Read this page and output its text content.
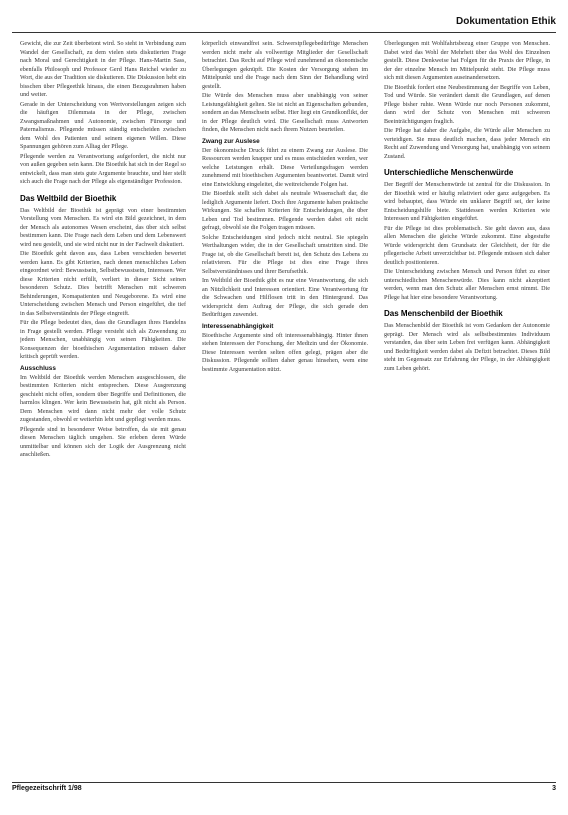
Dokumentation Ethik

Gewicht, die zur Zeit überbetont wird. So steht in Verbindung zum Wandel der Gesellschaft, zu dem vielen stets diskutierten Frage nach Moral und Gerechtigkeit in der Pflege. Hans-Martin Sass, ebenfalls Philosoph und Professor Gerd Hans Reichel wieder zu Wort, die aus der Tradition sie diskutieren. Die Diskussion hebt ein bisschen über Pflegeethik hinaus, die einen Bezugsrahmen haben und weiter.

Gerade in der Unterscheidung von Wertvorstellungen zeigen sich die häufigen Dilemmata in der Pflege, zwischen Zwangsmaßnahmen und Autonomie, zwischen Fürsorge und Paternalismus. Pflegende müssen ständig entscheiden zwischen dem Wohl des Patienten und seinem eigenen Willen. Diese Spannungen gehören zum Alltag der Pflege.

Pflegende werden zu Verantwortung aufgefordert, die nicht nur von außen gegeben sein kann. Die Bioethik hat sich in der Regel so entwickelt, dass man stets gute Argumente brauchte, und hier stellt sich auch die Frage nach der Pflege als eigenständiger Profession.

Das Weltbild der Bioethik

Das Weltbild der Bioethik ist geprägt von einer bestimmten Vorstellung vom Menschen. Es wird ein Bild gezeichnet, in dem der Mensch als autonomes Wesen erscheint, das über sich selbst bestimmen kann. Die Frage nach dem Leben und dem Lebenswert wird neu gestellt, und sie wird nicht nur in der Fachwelt diskutiert.

Die Bioethik geht davon aus, dass Leben verschieden bewertet werden kann. Es gibt Kriterien, nach denen menschliches Leben eingeordnet wird: Bewusstsein, Selbstbewusstsein, Interessen. Wer diese Kriterien nicht erfüllt, verliert in dieser Sicht seinen besonderen Schutz. Dies betrifft Menschen mit schweren Behinderungen, Komapatienten und Neugeborene. Es wird eine Unterscheidung zwischen Mensch und Person eingeführt, die tief in das Selbstverständnis der Pflege eingreift.

Für die Pflege bedeutet dies, dass die Grundlagen ihres Handelns in Frage gestellt werden. Pflege versteht sich als Zuwendung zu jedem Menschen, unabhängig von seinen Fähigkeiten. Die Konsequenzen der bioethischen Argumentation müssen daher kritisch geprüft werden.

Ausschluss

Im Weltbild der Bioethik werden Menschen ausgeschlossen, die bestimmten Kriterien nicht entsprechen. Diese Ausgrenzung geschieht nicht offen, sondern über Begriffe und Definitionen, die harmlos klingen. Wer kein Bewusstsein hat, gilt nicht als Person. Dem Menschen wird dann nicht mehr der volle Schutz zugestanden, obwohl er weiterhin lebt und gepflegt werden muss.

Pflegende sind in besonderer Weise betroffen, da sie mit genau diesen Menschen täglich umgehen. Sie erleben deren Würde unmittelbar und können sich der Logik der Ausgrenzung nicht anschließen.

körperlich einwandfrei sein. Schwerstpflegebedürftige Menschen werden nicht mehr als vollwertige Mitglieder der Gesellschaft betrachtet. Das Recht auf Pflege wird zunehmend an ökonomische Überlegungen geknüpft. Die Kosten der Versorgung stehen im Mittelpunkt und die Frage nach dem Sinn der Behandlung wird gestellt.

Die Würde des Menschen muss aber unabhängig von seiner Leistungsfähigkeit gelten. Sie ist nicht an Eigenschaften gebunden, sondern an das Menschsein selbst. Hier liegt ein Grundkonflikt, der in der Pflege deutlich wird. Die Gesellschaft muss Antworten finden, die Menschen nicht nach ihrem Nutzen beurteilen.

Zwang zur Auslese

Der ökonomische Druck führt zu einem Zwang zur Auslese. Die Ressourcen werden knapper und es muss entschieden werden, wer welche Leistungen erhält. Diese Verteilungsfragen werden zunehmend mit bioethischen Argumenten beantwortet. Damit wird eine Entwicklung eingeleitet, die weitreichende Folgen hat.

Die Bioethik stellt sich dabei als neutrale Wissenschaft dar, die lediglich Argumente liefert. Doch ihre Argumente haben praktische Wirkungen. Sie schaffen Kriterien für Entscheidungen, die über Leben und Tod bestimmen. Pflegende werden dabei oft nicht gefragt, obwohl sie die Folgen tragen müssen.

Solche Entscheidungen sind jedoch nicht neutral. Sie spiegeln Werthaltungen wider, die in der Gesellschaft umstritten sind. Die Frage ist, ob die Gesellschaft bereit ist, den Schutz des Lebens zu relativieren. Für die Pflege ist dies eine Frage ihres Selbstverständnisses und ihrer Berufsethik.

Im Weltbild der Bioethik gibt es nur eine Verantwortung, die sich an Nützlichkeit und Interessen orientiert. Eine Verantwortung für die Schwachen und Hilflosen tritt in den Hintergrund. Das widerspricht dem Auftrag der Pflege, die sich gerade den Bedürftigen zuwendet.

Interessenabhängigkeit

Bioethische Argumente sind oft interessenabhängig. Hinter ihnen stehen Interessen der Forschung, der Medizin und der Ökonomie. Diese Interessen werden selten offen gelegt, prägen aber die Diskussion. Pflegende sollten daher genau hinsehen, wem eine bestimmte Argumentation nützt.

Überlegungen mit Wohlfahrtsbezug einer Gruppe von Menschen. Dabei wird das Wohl der Mehrheit über das Wohl des Einzelnen gestellt. Diese Denkweise hat Folgen für die Praxis der Pflege, in der der einzelne Mensch im Mittelpunkt steht. Die Pflege muss sich mit diesen Argumenten auseinandersetzen.

Die Bioethik fordert eine Neubestimmung der Begriffe von Leben, Tod und Würde. Sie verändert damit die Grundlagen, auf denen Pflege bisher ruhte. Wenn Würde nur noch Personen zukommt, dann wird der Schutz von Menschen mit schweren Beeinträchtigungen fraglich.

Die Pflege hat daher die Aufgabe, die Würde aller Menschen zu verteidigen. Sie muss deutlich machen, dass jeder Mensch ein Recht auf Zuwendung und Versorgung hat, unabhängig von seinem Zustand.

Unterschiedliche Menschenwürde

Der Begriff der Menschenwürde ist zentral für die Diskussion. In der Bioethik wird er häufig relativiert oder ganz aufgegeben. Es wird behauptet, dass Würde ein unklarer Begriff sei, der keine Entscheidungshilfe biete. Stattdessen werden Kriterien wie Interessen und Fähigkeiten eingeführt.

Für die Pflege ist dies problematisch. Sie geht davon aus, dass allen Menschen die gleiche Würde zukommt. Eine abgestufte Würde widerspricht dem Grundsatz der Gleichheit, der für die pflegerische Arbeit unverzichtbar ist. Pflegende müssen sich daher deutlich positionieren.

Die Unterscheidung zwischen Mensch und Person führt zu einer unterschiedlichen Menschenwürde. Dies kann nicht akzeptiert werden, wenn man den Schutz aller Menschen ernst nimmt. Die Pflege hat hier eine besondere Verantwortung.

Das Menschenbild der Bioethik

Das Menschenbild der Bioethik ist vom Gedanken der Autonomie geprägt. Der Mensch wird als selbstbestimmtes Individuum verstanden, das über sein Leben frei verfügen kann. Abhängigkeit und Bedürftigkeit werden dabei als Defizit betrachtet. Dieses Bild steht im Gegensatz zur Erfahrung der Pflege, in der Abhängigkeit zum Leben gehört.

Pflegezeitschrift 1/98	3
